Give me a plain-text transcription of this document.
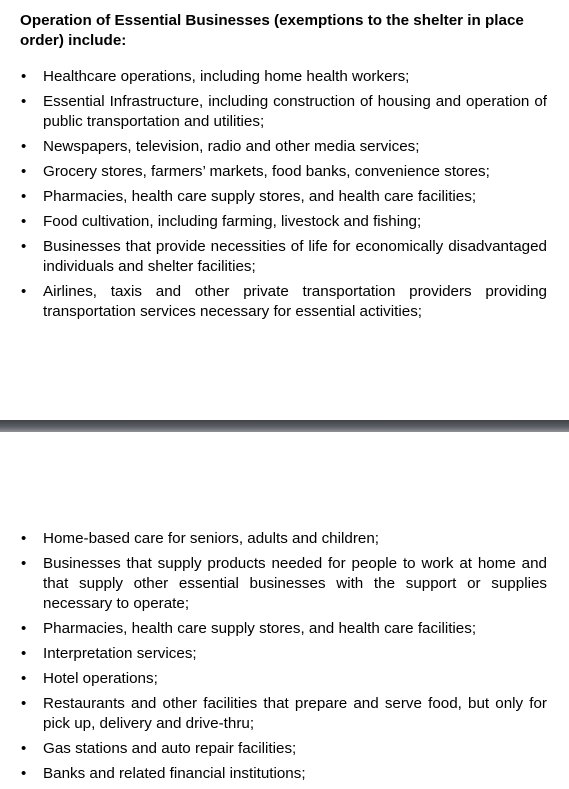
Operation of Essential Businesses (exemptions to the shelter in place order) include:
• Healthcare operations, including home health workers;
• Essential Infrastructure, including construction of housing and operation of public transportation and utilities;
• Newspapers, television, radio and other media services;
• Grocery stores, farmers’ markets, food banks, convenience stores;
• Pharmacies, health care supply stores, and health care facilities;
• Food cultivation, including farming, livestock and fishing;
• Businesses that provide necessities of life for economically disadvantaged individuals and shelter facilities;
• Airlines, taxis and other private transportation providers providing transportation services necessary for essential activities;
• Home-based care for seniors, adults and children;
• Businesses that supply products needed for people to work at home and that supply other essential businesses with the support or supplies necessary to operate;
• Pharmacies, health care supply stores, and health care facilities;
• Interpretation services;
• Hotel operations;
• Restaurants and other facilities that prepare and serve food, but only for pick up, delivery and drive-thru;
• Gas stations and auto repair facilities;
• Banks and related financial institutions;
